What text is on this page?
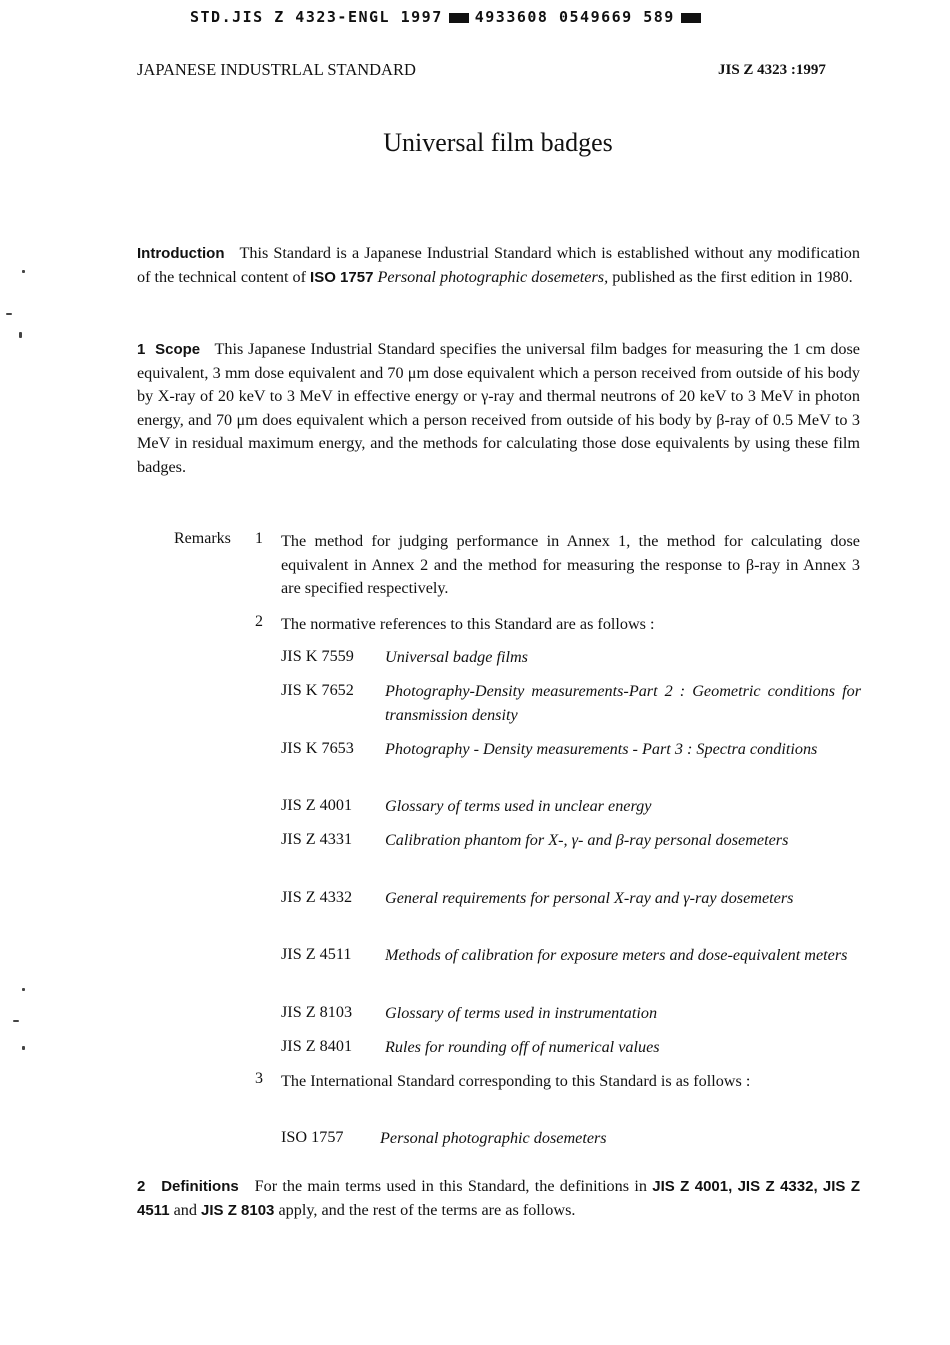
STD.JIS Z 4323-ENGL 1997 4933608 0549669 589
JAPANESE INDUSTRLAL STANDARD	JIS Z 4323 :1997
Universal film badges
Introduction This Standard is a Japanese Industrial Standard which is established without any modification of the technical content of ISO 1757 Personal photographic dosemeters, published as the first edition in 1980.
1 Scope This Japanese Industrial Standard specifies the universal film badges for measuring the 1 cm dose equivalent, 3 mm dose equivalent and 70 μm dose equivalent which a person received from outside of his body by X-ray of 20 keV to 3 MeV in effective energy or γ-ray and thermal neutrons of 20 keV to 3 MeV in photon energy, and 70 μm does equivalent which a person received from outside of his body by β-ray of 0.5 MeV to 3 MeV in residual maximum energy, and the methods for calculating those dose equivalents by using these film badges.
Remarks 1 The method for judging performance in Annex 1, the method for calculating dose equivalent in Annex 2 and the method for measuring the response to β-ray in Annex 3 are specified respectively.
2 The normative references to this Standard are as follows :
JIS K 7559 Universal badge films
JIS K 7652 Photography-Density measurements-Part 2 : Geometric conditions for transmission density
JIS K 7653 Photography - Density measurements - Part 3 : Spectra conditions
JIS Z 4001 Glossary of terms used in unclear energy
JIS Z 4331 Calibration phantom for X-, γ- and β-ray personal dosemeters
JIS Z 4332 General requirements for personal X-ray and γ-ray dosemeters
JIS Z 4511 Methods of calibration for exposure meters and dose-equivalent meters
JIS Z 8103 Glossary of terms used in instrumentation
JIS Z 8401 Rules for rounding off of numerical values
3 The International Standard corresponding to this Standard is as follows :
ISO 1757 Personal photographic dosemeters
2 Definitions For the main terms used in this Standard, the definitions in JIS Z 4001, JIS Z 4332, JIS Z 4511 and JIS Z 8103 apply, and the rest of the terms are as follows.
